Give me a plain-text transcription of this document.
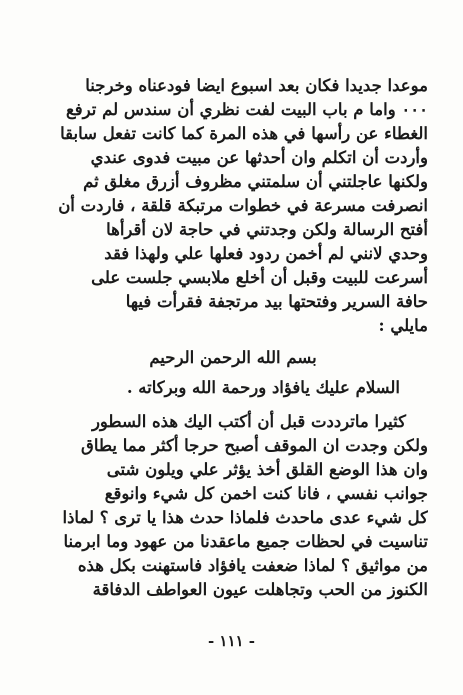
موعدا جديدا فكان بعد اسبوع ايضا فودعناه وخرجنا
٠٠٠ واما م باب البيت لفت نظري أن سندس لم ترفع
الغطاء عن رأسها في هذه المرة كما كانت تفعل سابقا
وأردت أن اتكلم وان أحدثها عن مبيت فدوى عندي
ولكنها عاجلتني أن سلمتني مظروف أزرق مغلق ثم
انصرفت مسرعة في خطوات مرتبكة قلقة ، فاردت أن
أفتح الرسالة ولكن وجدتني في حاجة لان أقرأها
وحدي لانني لم أخمن ردود فعلها علي ولهذا فقد
أسرعت للبيت وقبل أن أخلع ملابسي جلست على
حافة السرير وفتحتها بيد مرتجفة فقرأت فيها
مايلي :
بسم الله الرحمن الرحيم
السلام عليك يافؤاد ورحمة الله وبركاته .
كثيرا ماترددت قبل أن أكتب اليك هذه السطور
ولكن وجدت ان الموقف أصبح حرجا أكثر مما يطاق
وان هذا الوضع القلق أخذ يؤثر علي ويلون شتى
جوانب نفسي ، فانا كنت اخمن كل شيء وانوقع
كل شيء عدى ماحدث فلماذا حدث هذا يا ترى ؟ لماذا
تناسيت في لحظات جميع ماعقدنا من عهود وما ابرمنا
من مواثيق ؟ لماذا ضعفت يافؤاد فاستهنت بكل هذه
الكنوز من الحب وتجاهلت عيون العواطف الدفاقة
- ١١١ -
